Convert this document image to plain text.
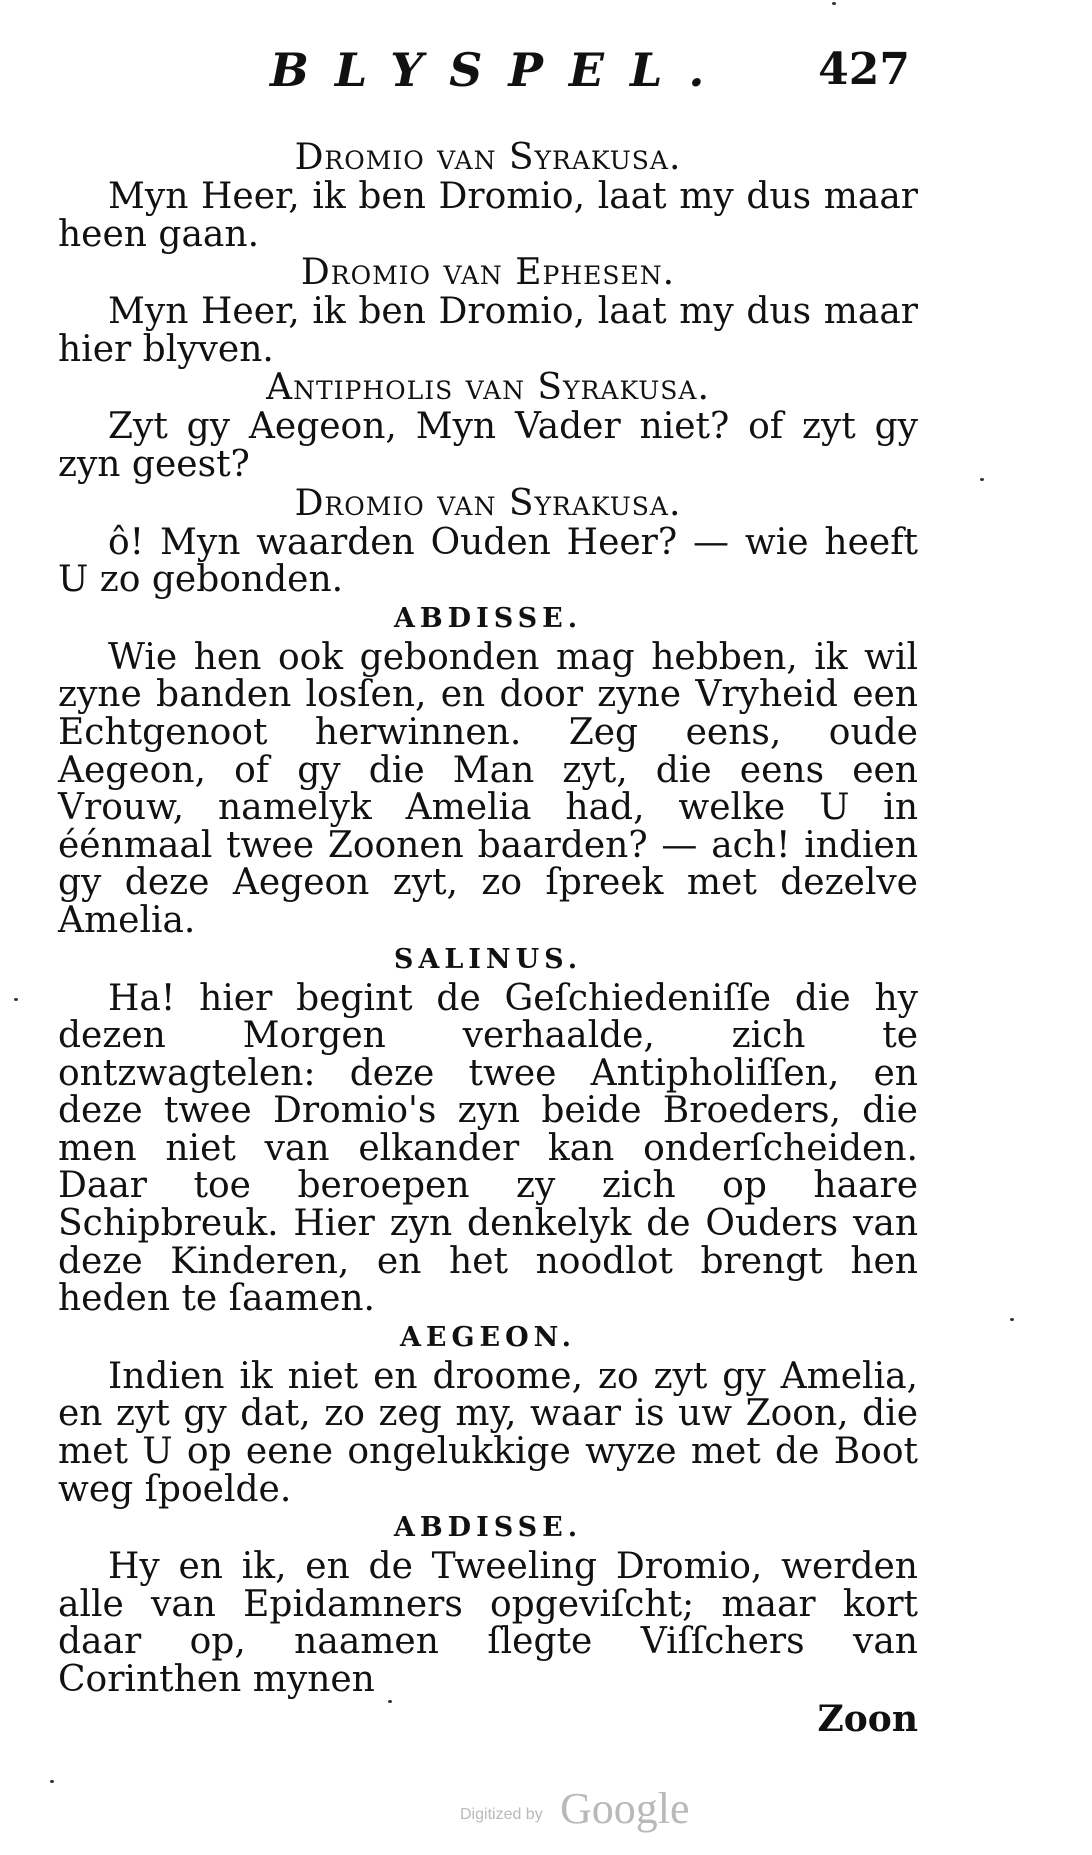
BLYSPEL. 427
Dromio van Syrakusa.

Myn Heer, ik ben Dromio, laat my dus maar heen gaan.

Dromio van Ephesen.

Myn Heer, ik ben Dromio, laat my dus maar hier blyven.

Antipholis van Syrakusa.

Zyt gy Aegeon, Myn Vader niet? of zyt gy zyn geest?

Dromio van Syrakusa.

ô! Myn waarden Ouden Heer? — wie heeft U zo gebonden.

ABDISSE.

Wie hen ook gebonden mag hebben, ik wil zyne banden losſen, en door zyne Vryheid een Echtgenoot herwinnen. Zeg eens, oude Aegeon, of gy die Man zyt, die eens een Vrouw, namelyk Amelia had, welke U in éénmaal twee Zoonen baarden? — ach! indien gy deze Aegeon zyt, zo ſpreek met dezelve Amelia.

SALINUS.

Ha! hier begint de Geſchiedeniſſe die hy dezen Morgen verhaalde, zich te ontzwagtelen: deze twee Antipholiſſen, en deze twee Dromio's zyn beide Broeders, die men niet van elkander kan onderſcheiden. Daar toe beroepen zy zich op haare Schipbreuk. Hier zyn denkelyk de Ouders van deze Kinderen, en het noodlot brengt hen heden te ſaamen.

AEGEON.

Indien ik niet en droome, zo zyt gy Amelia, en zyt gy dat, zo zeg my, waar is uw Zoon, die met U op eene ongelukkige wyze met de Boot weg ſpoelde.

ABDISSE.

Hy en ik, en de Tweeling Dromio, werden alle van Epidamners opgeviſcht; maar kort daar op, naamen ſlegte Viſſchers van Corinthen mynen

Zoon
Digitized by Google
